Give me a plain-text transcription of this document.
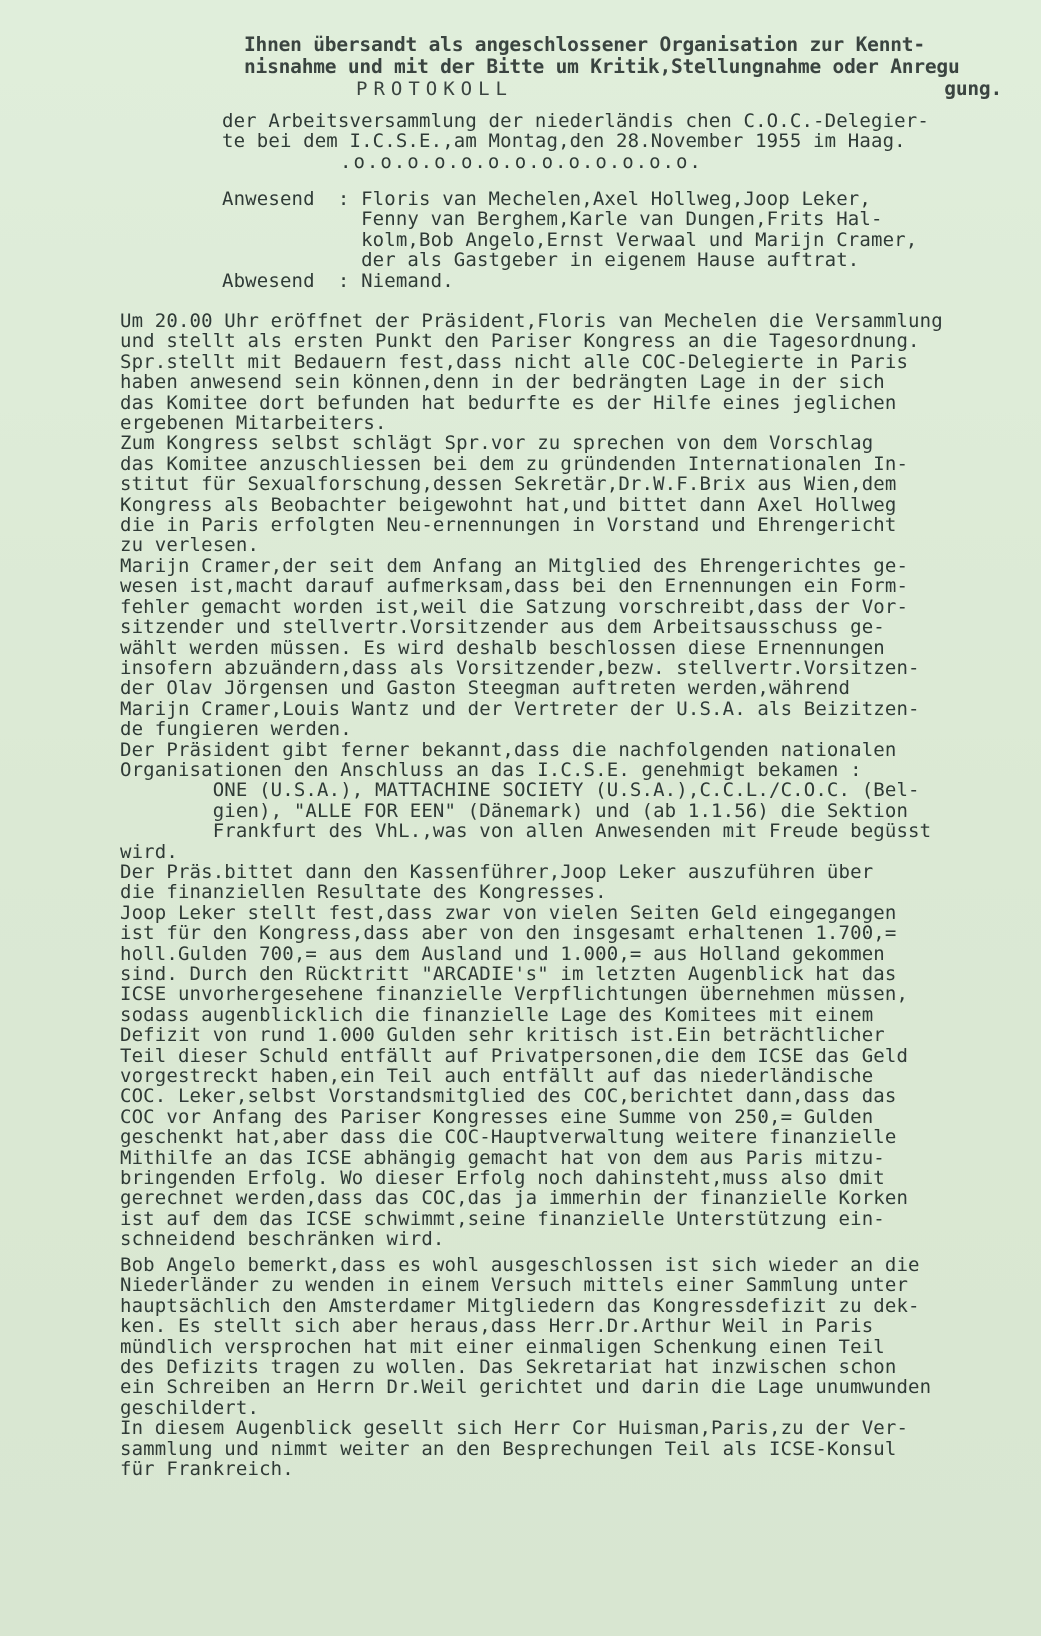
Ihnen übersandt als angeschlossener Organisation zur Kennt-
nisnahme und mit der Bitte um Kritik,Stellungnahme oder Anregu
gung.
PROTOKOLL
der Arbeitsversammlung der niederländis chen C.O.C.-Delegier-
te bei dem I.C.S.E.,am Montag,den 28.November 1955 im Haag.
.o.o.o.o.o.o.o.o.o.o.o.o.o.
Anwesend  : Floris van Mechelen,Axel Hollweg,Joop Leker,
Fenny van Berghem,Karle van Dungen,Frits Hal-
kolm,Bob Angelo,Ernst Verwaal und Marijn Cramer,
der als Gastgeber in eigenem Hause auftrat.
Abwesend  : Niemand.
Um 20.00 Uhr eröffnet der Präsident,Floris van Mechelen die Versammlung
und stellt als ersten Punkt den Pariser Kongress an die Tagesordnung.
Spr.stellt mit Bedauern fest,dass nicht alle COC-Delegierte in Paris
haben anwesend sein können,denn in der bedrängten Lage in der sich
das Komitee dort befunden hat bedurfte es der Hilfe eines jeglichen
ergebenen Mitarbeiters.
Zum Kongress selbst schlägt Spr.vor zu sprechen von dem Vorschlag
das Komitee anzuschliessen bei dem zu gründenden Internationalen In-
stitut für Sexualforschung,dessen Sekretär,Dr.W.F.Brix aus Wien,dem
Kongress als Beobachter beigewohnt hat,und bittet dann Axel Hollweg
die in Paris erfolgten Neu-ernennungen in Vorstand und Ehrengericht
zu verlesen.
Marijn Cramer,der seit dem Anfang an Mitglied des Ehrengerichtes ge-
wesen ist,macht darauf aufmerksam,dass bei den Ernennungen ein Form-
fehler gemacht worden ist,weil die Satzung vorschreibt,dass der Vor-
sitzender und stellvertr.Vorsitzender aus dem Arbeitsausschuss ge-
wählt werden müssen. Es wird deshalb beschlossen diese Ernennungen
insofern abzuändern,dass als Vorsitzender,bezw. stellvertr.Vorsitzen-
der Olav Jörgensen und Gaston Steegman auftreten werden,während
Marijn Cramer,Louis Wantz und der Vertreter der U.S.A. als Beizitzen-
de fungieren werden.
Der Präsident gibt ferner bekannt,dass die nachfolgenden nationalen
Organisationen den Anschluss an das I.C.S.E. genehmigt bekamen :
ONE (U.S.A.), MATTACHINE SOCIETY (U.S.A.),C.C.L./C.O.C. (Bel-
gien), "ALLE FOR EEN" (Dänemark) und (ab 1.1.56) die Sektion
Frankfurt des VhL.,was von allen Anwesenden mit Freude begüsst
wird.
Der Präs.bittet dann den Kassenführer,Joop Leker auszuführen über
die finanziellen Resultate des Kongresses.
Joop Leker stellt fest,dass zwar von vielen Seiten Geld eingegangen
ist für den Kongress,dass aber von den insgesamt erhaltenen 1.700,=
holl.Gulden 700,= aus dem Ausland und 1.000,= aus Holland gekommen
sind. Durch den Rücktritt "ARCADIE's" im letzten Augenblick hat das
ICSE unvorhergesehene finanzielle Verpflichtungen übernehmen müssen,
sodass augenblicklich die finanzielle Lage des Komitees mit einem
Defizit von rund 1.000 Gulden sehr kritisch ist.Ein beträchtlicher
Teil dieser Schuld entfällt auf Privatpersonen,die dem ICSE das Geld
vorgestreckt haben,ein Teil auch entfällt auf das niederländische
COC. Leker,selbst Vorstandsmitglied des COC,berichtet dann,dass das
COC vor Anfang des Pariser Kongresses eine Summe von 250,= Gulden
geschenkt hat,aber dass die COC-Hauptverwaltung weitere finanzielle
Mithilfe an das ICSE abhängig gemacht hat von dem aus Paris mitzu-
bringenden Erfolg. Wo dieser Erfolg noch dahinsteht,muss also dmit
gerechnet werden,dass das COC,das ja immerhin der finanzielle Korken
ist auf dem das ICSE schwimmt,seine finanzielle Unterstützung ein-
schneidend beschränken wird.
Bob Angelo bemerkt,dass es wohl ausgeschlossen ist sich wieder an die
Niederländer zu wenden in einem Versuch mittels einer Sammlung unter
hauptsächlich den Amsterdamer Mitgliedern das Kongressdefizit zu dek-
ken. Es stellt sich aber heraus,dass Herr.Dr.Arthur Weil in Paris
mündlich versprochen hat mit einer einmaligen Schenkung einen Teil
des Defizits tragen zu wollen. Das Sekretariat hat inzwischen schon
ein Schreiben an Herrn Dr.Weil gerichtet und darin die Lage unumwunden
geschildert.
In diesem Augenblick gesellt sich Herr Cor Huisman,Paris,zu der Ver-
sammlung und nimmt weiter an den Besprechungen Teil als ICSE-Konsul
für Frankreich.
